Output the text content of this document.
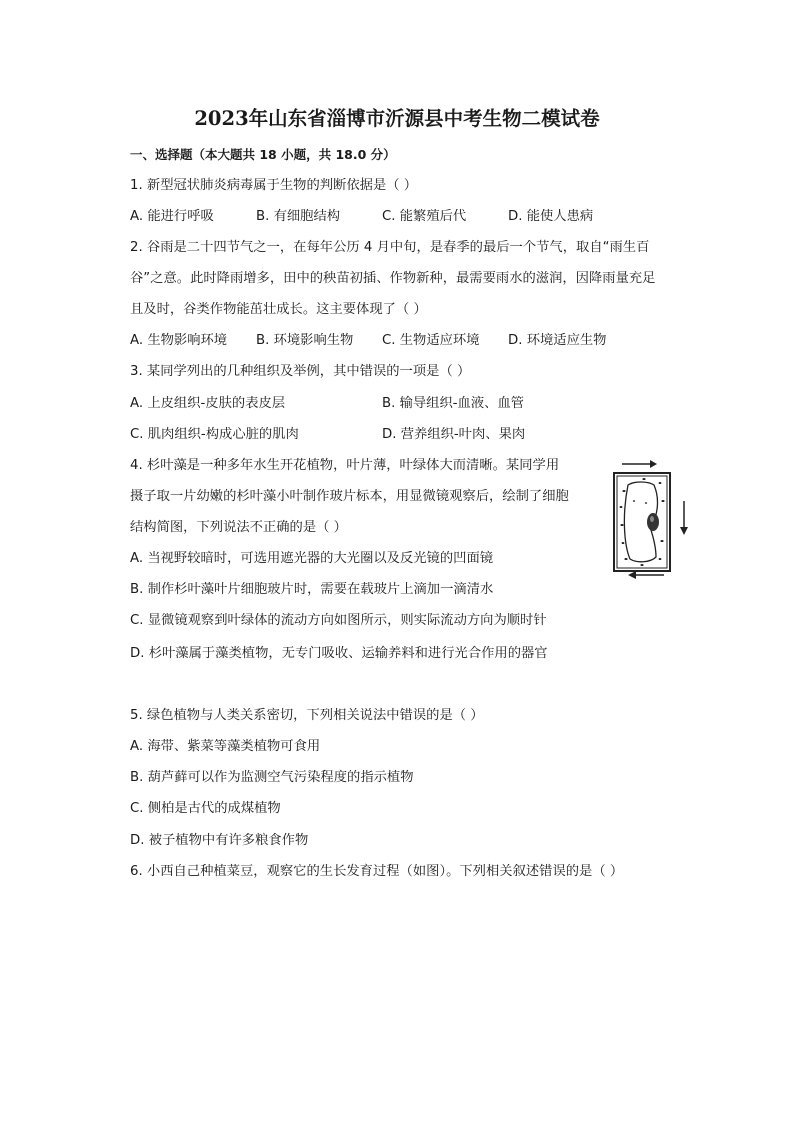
2023年山东省淄博市沂源县中考生物二模试卷
一、选择题（本大题共 18 小题，共 18.0 分）
1. 新型冠状肺炎病毒属于生物的判断依据是（ ）
A. 能进行呼吸	B. 有细胞结构	C. 能繁殖后代	D. 能使人患病
2. 谷雨是二十四节气之一，在每年公历 4 月中旬，是春季的最后一个节气，取自“雨生百
谷”之意。此时降雨增多，田中的秧苗初插、作物新种，最需要雨水的滋润，因降雨量充足
且及时，谷类作物能茁壮成长。这主要体现了（ ）
A. 生物影响环境 B. 环境影响生物 C. 生物适应环境 D. 环境适应生物
3. 某同学列出的几种组织及举例，其中错误的一项是（ ）
A. 上皮组织-皮肤的表皮层	B. 输导组织-血液、血管
C. 肌肉组织-构成心脏的肌肉	D. 营养组织-叶肉、果肉
4. 杉叶藻是一种多年水生开花植物，叶片薄，叶绿体大而清晰。某同学用
摄子取一片幼嫩的杉叶藻小叶制作玻片标本，用显微镜观察后，绘制了细胞
结构简图，下列说法不正确的是（ ）
A. 当视野较暗时，可选用遮光器的大光圈以及反光镜的凹面镜
B. 制作杉叶藻叶片细胞玻片时，需要在载玻片上滴加一滴清水
C. 显微镜观察到叶绿体的流动方向如图所示，则实际流动方向为顺时针
D. 杉叶藻属于藻类植物，无专门吸收、运输养料和进行光合作用的器官
5. 绿色植物与人类关系密切，下列相关说法中错误的是（ ）
A. 海带、紫菜等藻类植物可食用
B. 葫芦藓可以作为监测空气污染程度的指示植物
C. 侧柏是古代的成煤植物
D. 被子植物中有许多粮食作物
6. 小西自己种植菜豆，观察它的生长发育过程（如图）。下列相关叙述错误的是（ ）
